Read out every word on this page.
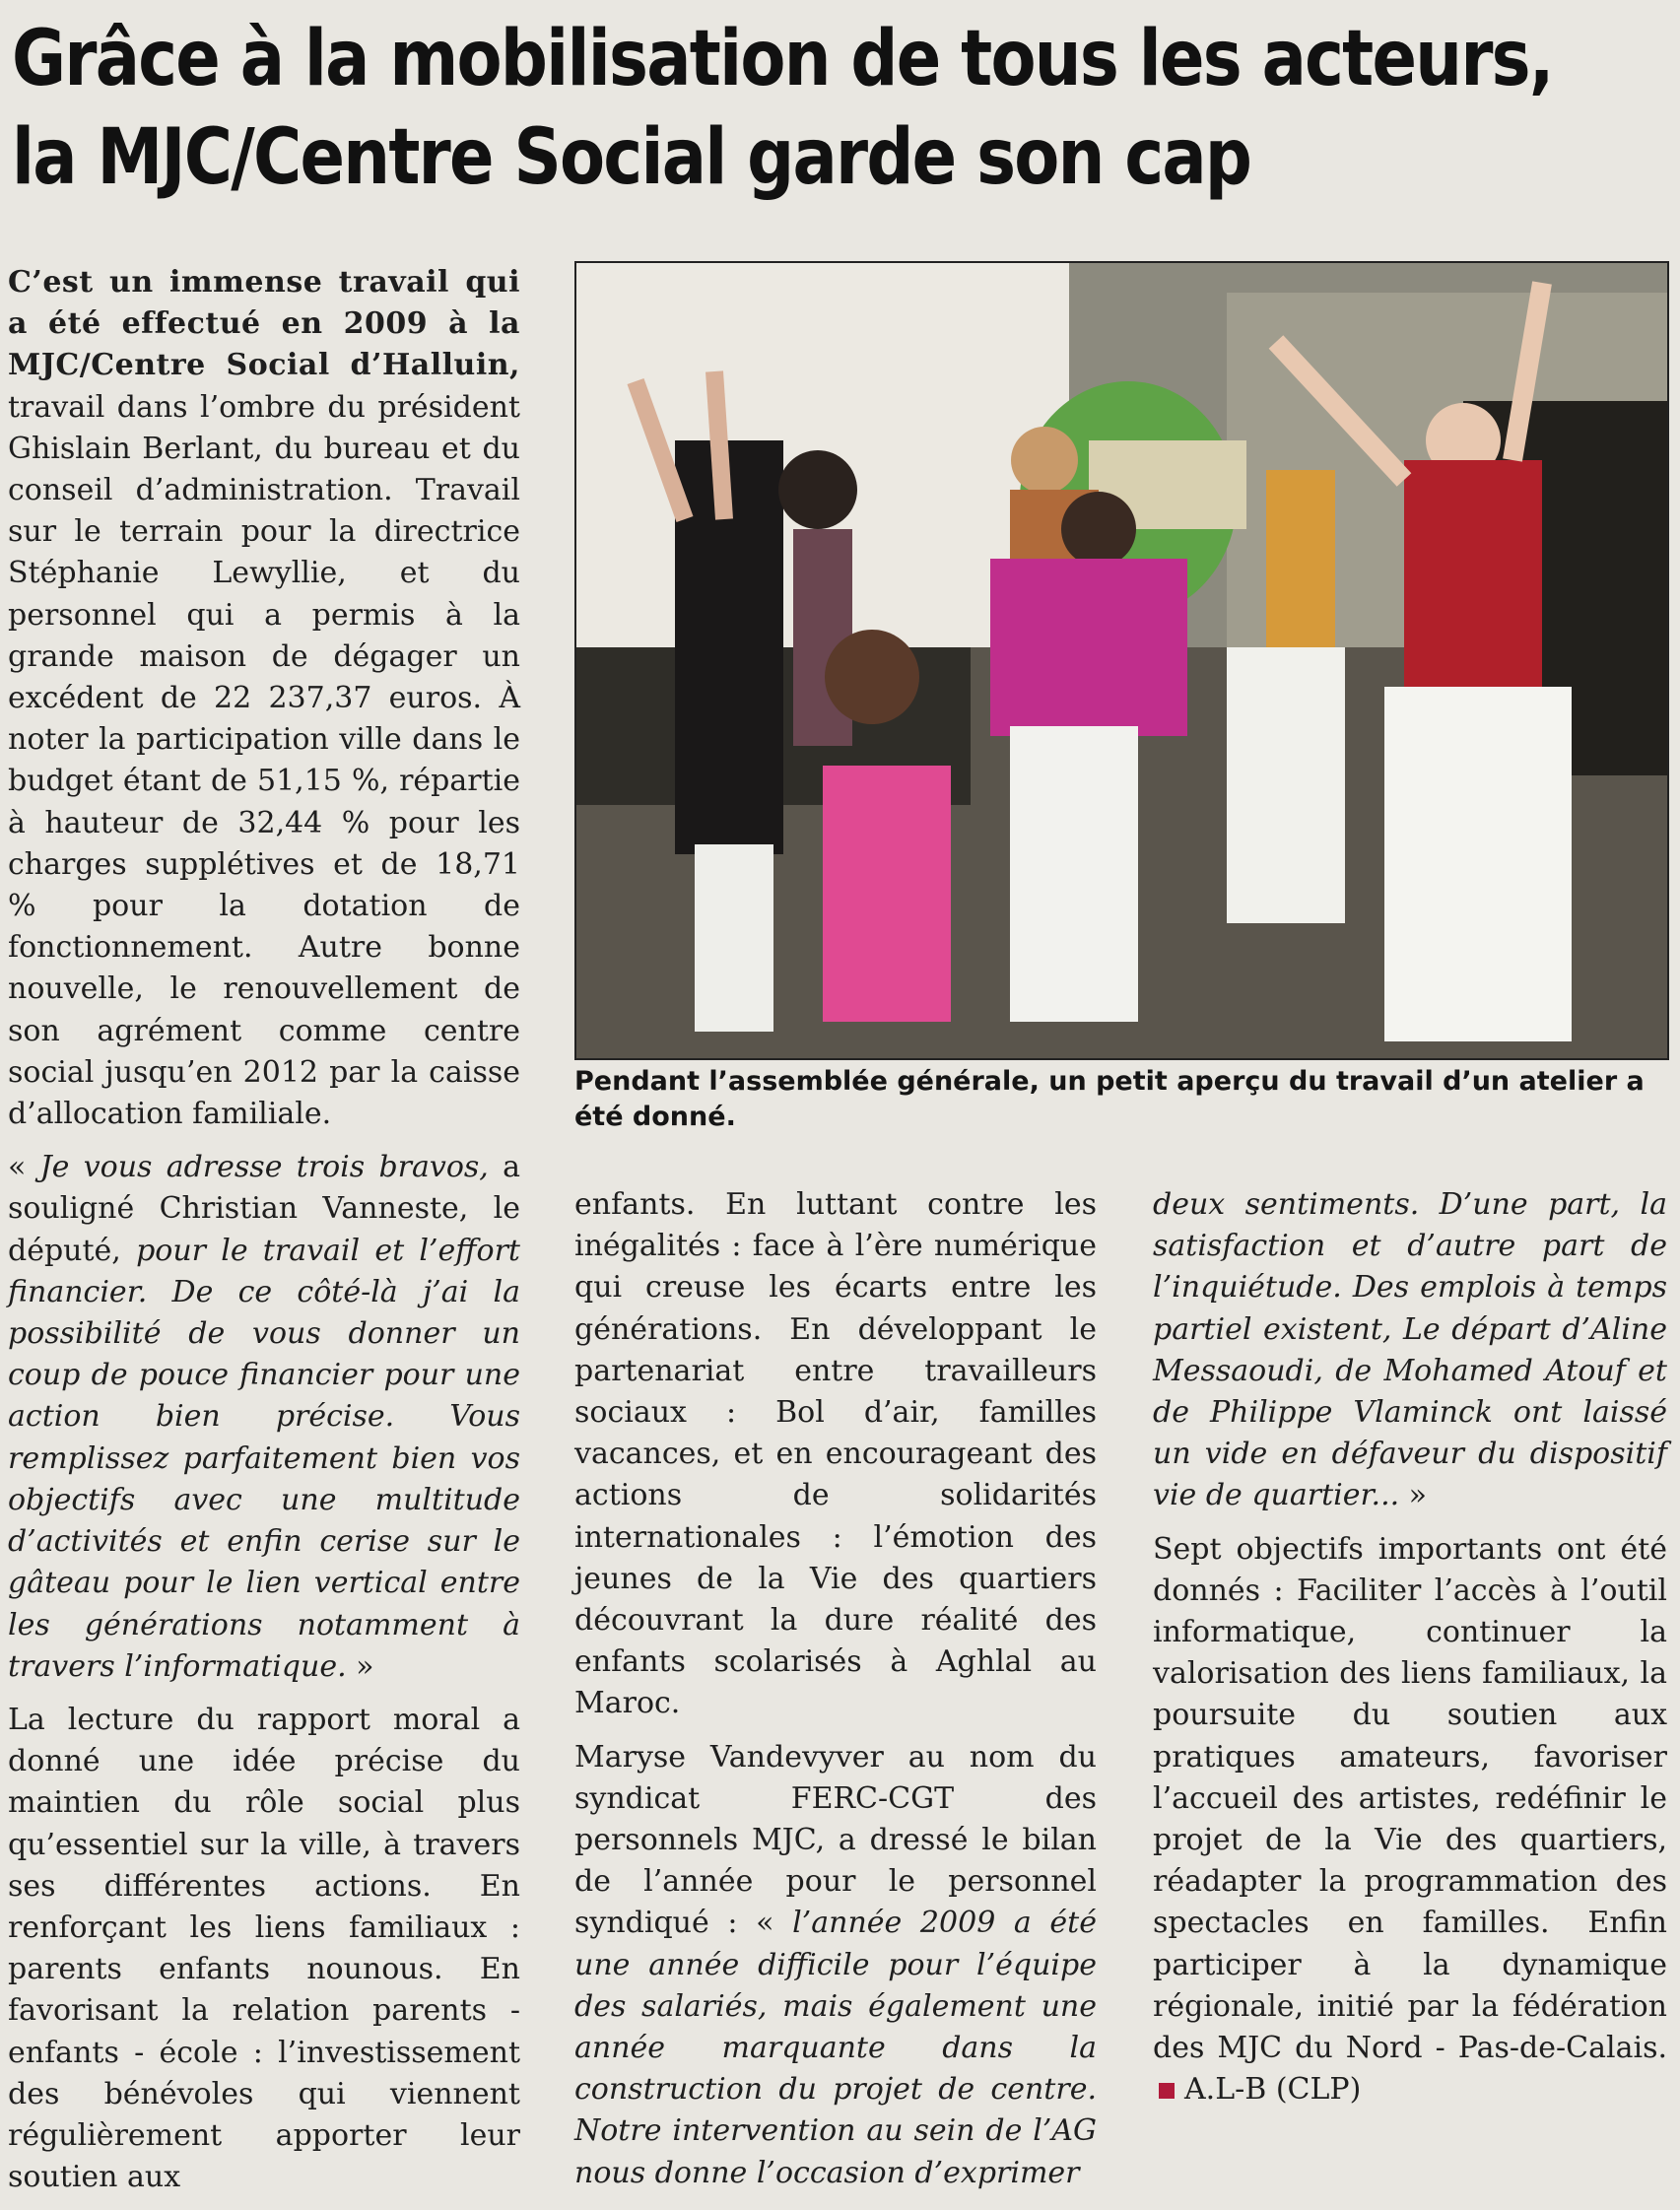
Grâce à la mobilisation de tous les acteurs,
la MJC/Centre Social garde son cap

C’est un immense travail qui a été effectué en 2009 à la MJC/Centre Social d’Halluin, travail dans l’ombre du président Ghislain Berlant, du bureau et du conseil d’administration. Travail sur le terrain pour la directrice Stéphanie Lewyllie, et du personnel qui a permis à la grande maison de dégager un excédent de 22 237,37 euros. À noter la participation ville dans le budget étant de 51,15 %, répartie à hauteur de 32,44 % pour les charges supplétives et de 18,71 % pour la dotation de fonctionnement. Autre bonne nouvelle, le renouvellement de son agrément comme centre social jusqu’en 2012 par la caisse d’allocation familiale.

« Je vous adresse trois bravos, a souligné Christian Vanneste, le député, pour le travail et l’effort financier. De ce côté-là j’ai la possibilité de vous donner un coup de pouce financier pour une action bien précise. Vous remplissez parfaitement bien vos objectifs avec une multitude d’activités et enfin cerise sur le gâteau pour le lien vertical entre les générations notamment à travers l’informatique. »

La lecture du rapport moral a donné une idée précise du maintien du rôle social plus qu’essentiel sur la ville, à travers ses différentes actions. En renforçant les liens familiaux : parents enfants nounous. En favorisant la relation parents - enfants - école : l’investissement des bénévoles qui viennent régulièrement apporter leur soutien aux

Pendant l’assemblée générale, un petit aperçu du travail d’un atelier a été donné.

enfants. En luttant contre les inégalités : face à l’ère numérique qui creuse les écarts entre les générations. En développant le partenariat entre travailleurs sociaux : Bol d’air, familles vacances, et en encourageant des actions de solidarités internationales : l’émotion des jeunes de la Vie des quartiers découvrant la dure réalité des enfants scolarisés à Aghlal au Maroc.

Maryse Vandevyver au nom du syndicat FERC-CGT des personnels MJC, a dressé le bilan de l’année pour le personnel syndiqué : « l’année 2009 a été une année difficile pour l’équipe des salariés, mais également une année marquante dans la construction du projet de centre. Notre intervention au sein de l’AG nous donne l’occasion d’exprimer

deux sentiments. D’une part, la satisfaction et d’autre part de l’inquiétude. Des emplois à temps partiel existent, Le départ d’Aline Messaoudi, de Mohamed Atouf et de Philippe Vlaminck ont laissé un vide en défaveur du dispositif vie de quartier... »

Sept objectifs importants ont été donnés : Faciliter l’accès à l’outil informatique, continuer la valorisation des liens familiaux, la poursuite du soutien aux pratiques amateurs, favoriser l’accueil des artistes, redéfinir le projet de la Vie des quartiers, réadapter la programmation des spectacles en familles. Enfin participer à la dynamique régionale, initié par la fédération des MJC du Nord - Pas-de-Calais.A.L-B (CLP)
